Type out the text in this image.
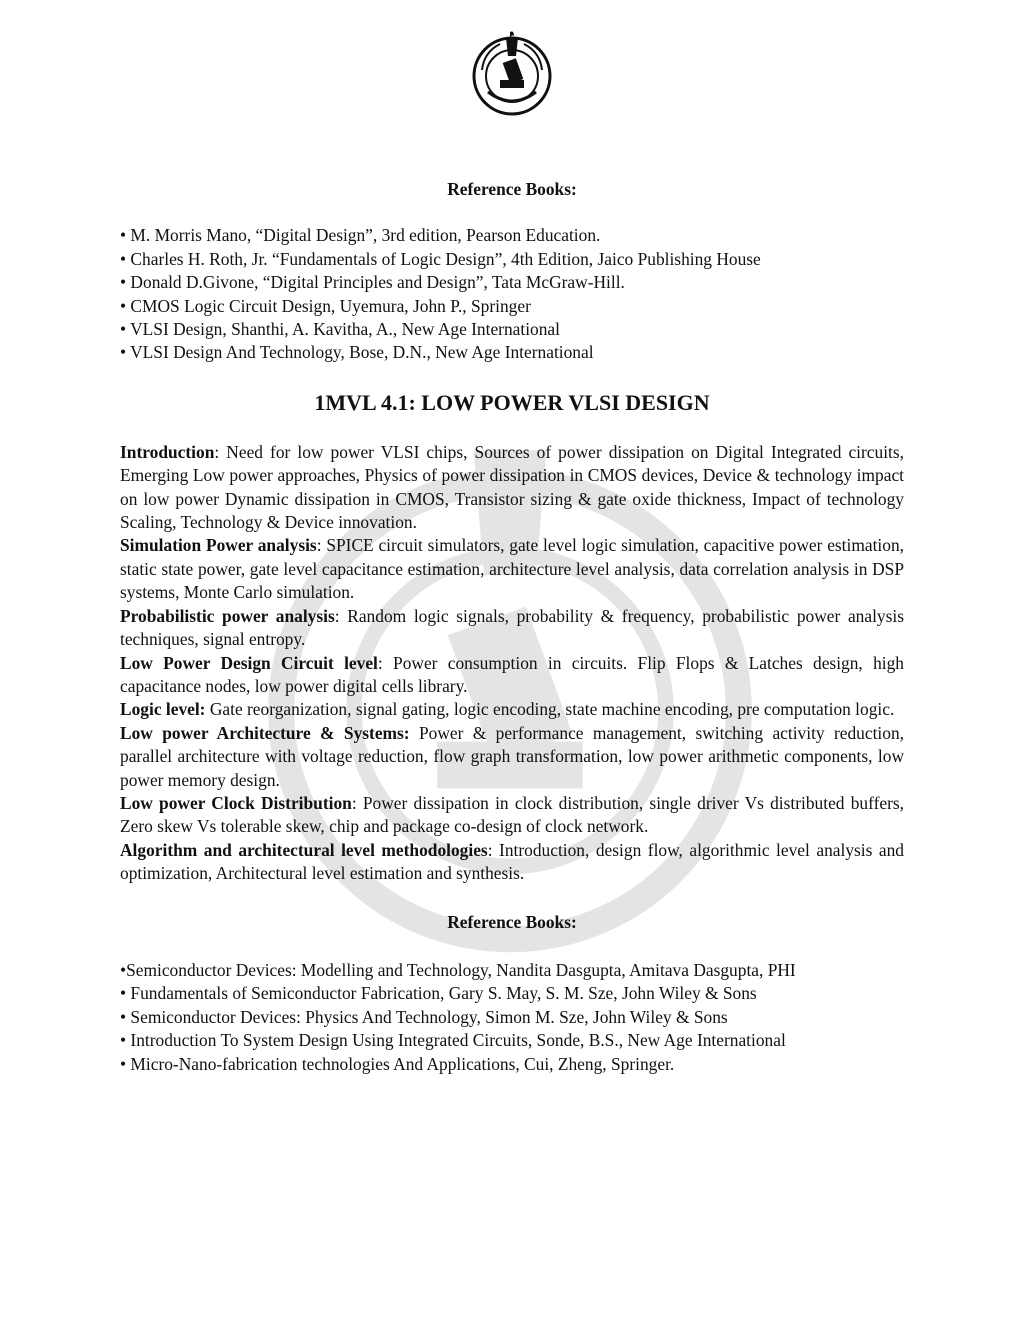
Reference Books:

• M. Morris Mano, “Digital Design”, 3rd edition, Pearson Education.

• Charles H. Roth, Jr. “Fundamentals of Logic Design”, 4th Edition, Jaico Publishing House

• Donald D.Givone, “Digital Principles and Design”, Tata McGraw-Hill.

• CMOS Logic Circuit Design, Uyemura, John P., Springer

• VLSI Design, Shanthi, A. Kavitha, A., New Age International

• VLSI Design And Technology, Bose, D.N., New Age International

1MVL 4.1: LOW POWER VLSI DESIGN

Introduction: Need for low power VLSI chips, Sources of power dissipation on Digital Integrated circuits, Emerging Low power approaches, Physics of power dissipation in CMOS devices, Device & technology impact on low power Dynamic dissipation in CMOS, Transistor sizing & gate oxide thickness, Impact of technology Scaling, Technology & Device innovation.

Simulation Power analysis: SPICE circuit simulators, gate level logic simulation, capacitive power estimation, static state power, gate level capacitance estimation, architecture level analysis, data correlation analysis in DSP systems, Monte Carlo simulation.

Probabilistic power analysis: Random logic signals, probability & frequency, probabilistic power analysis techniques, signal entropy.

Low Power Design Circuit level: Power consumption in circuits. Flip Flops & Latches design, high capacitance nodes, low power digital cells library.

Logic level: Gate reorganization, signal gating, logic encoding, state machine encoding, pre computation logic.

Low power Architecture & Systems: Power & performance management, switching activity reduction, parallel architecture with voltage reduction, flow graph transformation, low power arithmetic components, low power memory design.

Low power Clock Distribution: Power dissipation in clock distribution, single driver Vs distributed buffers, Zero skew Vs tolerable skew, chip and package co-design of clock network.

Algorithm and architectural level methodologies: Introduction, design flow, algorithmic level analysis and optimization, Architectural level estimation and synthesis.

Reference Books:

•Semiconductor Devices: Modelling and Technology, Nandita Dasgupta, Amitava Dasgupta, PHI

• Fundamentals of Semiconductor Fabrication, Gary S. May, S. M. Sze, John Wiley & Sons

• Semiconductor Devices: Physics And Technology, Simon M. Sze, John Wiley & Sons

• Introduction To System Design Using Integrated Circuits, Sonde, B.S., New Age International

• Micro-Nano-fabrication technologies And Applications, Cui, Zheng, Springer.
